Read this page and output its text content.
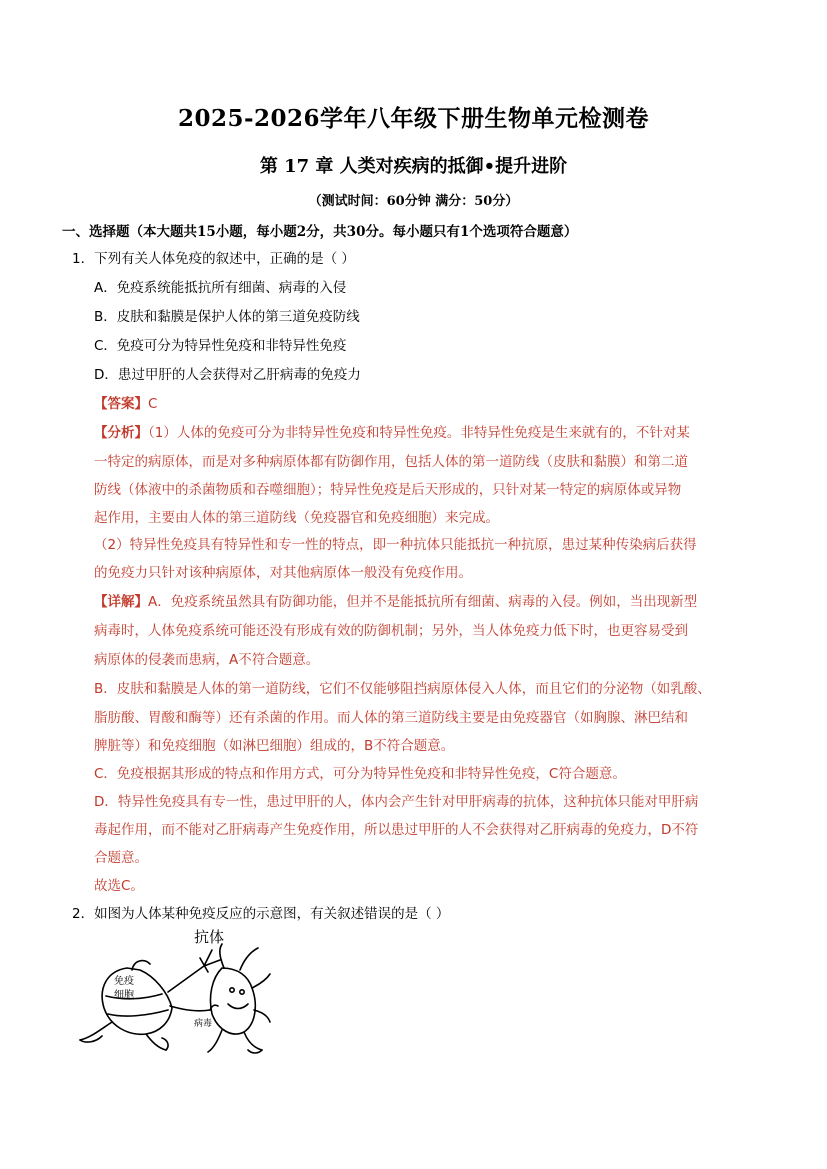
2025-2026学年八年级下册生物单元检测卷
第 17 章 人类对疾病的抵御•提升进阶
（测试时间：60分钟 满分：50分）
一、选择题（本大题共15小题，每小题2分，共30分。每小题只有1个选项符合题意）
1．下列有关人体免疫的叙述中，正确的是（ ）
A．免疫系统能抵抗所有细菌、病毒的入侵
B．皮肤和黏膜是保护人体的第三道免疫防线
C．免疫可分为特异性免疫和非特异性免疫
D．患过甲肝的人会获得对乙肝病毒的免疫力
【答案】C
【分析】（1）人体的免疫可分为非特异性免疫和特异性免疫。非特异性免疫是生来就有的，不针对某
一特定的病原体，而是对多种病原体都有防御作用，包括人体的第一道防线（皮肤和黏膜）和第二道
防线（体液中的杀菌物质和吞噬细胞）；特异性免疫是后天形成的，只针对某一特定的病原体或异物
起作用，主要由人体的第三道防线（免疫器官和免疫细胞）来完成。
（2）特异性免疫具有特异性和专一性的特点，即一种抗体只能抵抗一种抗原，患过某种传染病后获得
的免疫力只针对该种病原体，对其他病原体一般没有免疫作用。
【详解】A．免疫系统虽然具有防御功能，但并不是能抵抗所有细菌、病毒的入侵。例如，当出现新型
病毒时，人体免疫系统可能还没有形成有效的防御机制；另外，当人体免疫力低下时，也更容易受到
病原体的侵袭而患病，A不符合题意。
B．皮肤和黏膜是人体的第一道防线，它们不仅能够阻挡病原体侵入人体，而且它们的分泌物（如乳酸、
脂肪酸、胃酸和酶等）还有杀菌的作用。而人体的第三道防线主要是由免疫器官（如胸腺、淋巴结和
脾脏等）和免疫细胞（如淋巴细胞）组成的，B不符合题意。
C．免疫根据其形成的特点和作用方式，可分为特异性免疫和非特异性免疫，C符合题意。
D．特异性免疫具有专一性，患过甲肝的人，体内会产生针对甲肝病毒的抗体，这种抗体只能对甲肝病
毒起作用，而不能对乙肝病毒产生免疫作用，所以患过甲肝的人不会获得对乙肝病毒的免疫力，D不符
合题意。
故选C。
2．如图为人体某种免疫反应的示意图，有关叙述错误的是（ ）
抗体
免疫
细胞
病毒
